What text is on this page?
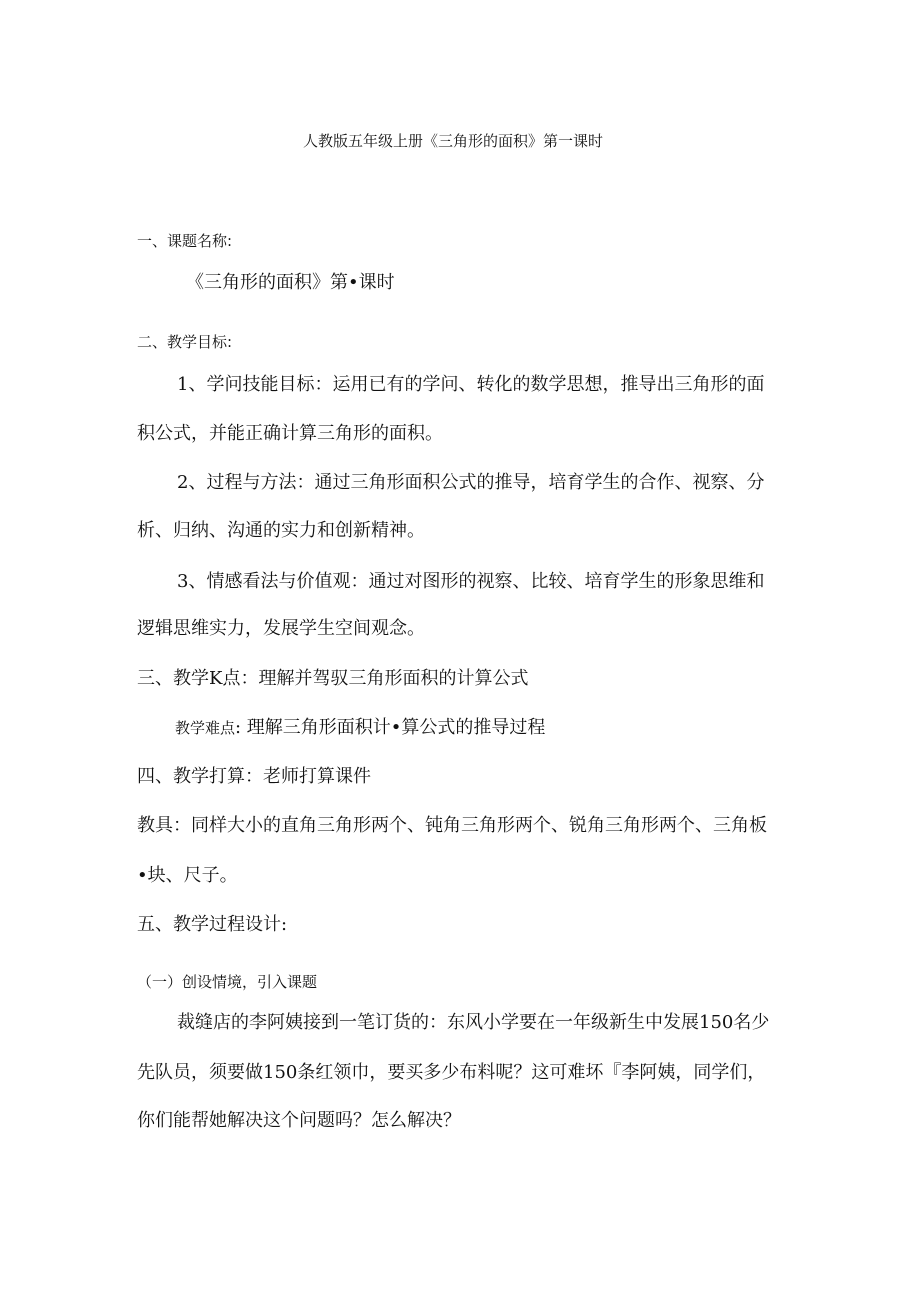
人教版五年级上册《三角形的面积》第一课时
一、课题名称:
《三角形的面积》第•课时
二、教学目标:
1、学问技能目标：运用已有的学问、转化的数学思想，推导出三角形的面
积公式，并能正确计算三角形的面积。
2、过程与方法：通过三角形面积公式的推导，培育学生的合作、视察、分
析、归纳、沟通的实力和创新精神。
3、情感看法与价值观：通过对图形的视察、比较、培育学生的形象思维和
逻辑思维实力，发展学生空间观念。
三、教学K点：理解并驾驭三角形面积的计算公式
教学难点: 理解三角形面积计•算公式的推导过程
四、教学打算：老师打算课件
教具：同样大小的直角三角形两个、钝角三角形两个、锐角三角形两个、三角板
•块、尺子。
五、教学过程设计:
（一）创设情境，引入课题
裁缝店的李阿姨接到一笔订货的：东风小学要在一年级新生中发展150名少
先队员，须要做150条红领巾，要买多少布料呢？这可难坏『李阿姨，同学们，
你们能帮她解决这个问题吗？怎么解决？
